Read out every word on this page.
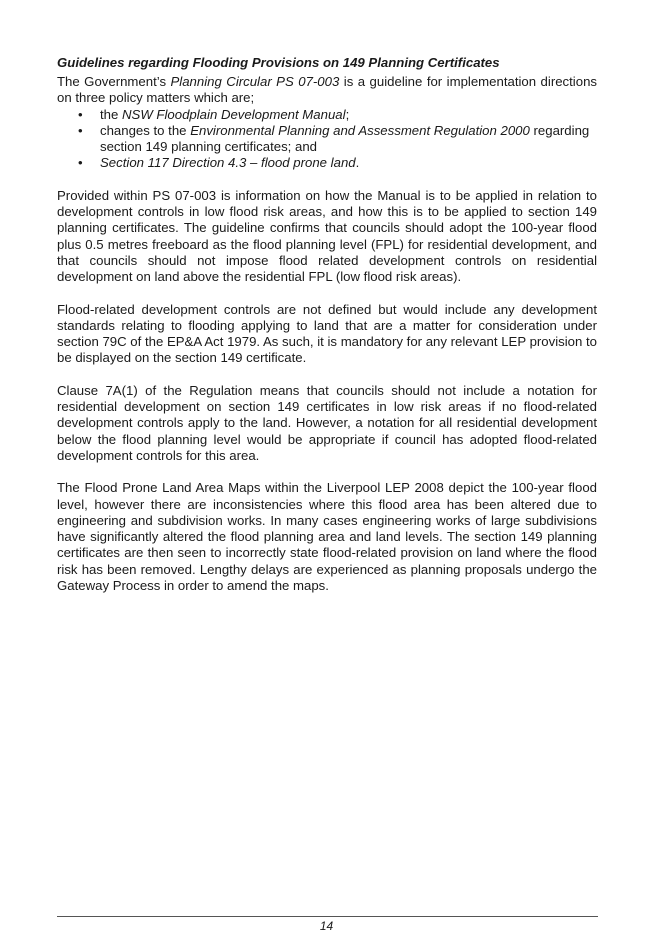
Guidelines regarding Flooding Provisions on 149 Planning Certificates

The Government’s Planning Circular PS 07-003 is a guideline for implementation directions on three policy matters which are;

• the NSW Floodplain Development Manual;
• changes to the Environmental Planning and Assessment Regulation 2000 regarding section 149 planning certificates; and
• Section 117 Direction 4.3 – flood prone land.

Provided within PS 07-003 is information on how the Manual is to be applied in relation to development controls in low flood risk areas, and how this is to be applied to section 149 planning certificates. The guideline confirms that councils should adopt the 100-year flood plus 0.5 metres freeboard as the flood planning level (FPL) for residential development, and that councils should not impose flood related development controls on residential development on land above the residential FPL (low flood risk areas).

Flood-related development controls are not defined but would include any development standards relating to flooding applying to land that are a matter for consideration under section 79C of the EP&A Act 1979. As such, it is mandatory for any relevant LEP provision to be displayed on the section 149 certificate.

Clause 7A(1) of the Regulation means that councils should not include a notation for residential development on section 149 certificates in low risk areas if no flood-related development controls apply to the land. However, a notation for all residential development below the flood planning level would be appropriate if council has adopted flood-related development controls for this area.

The Flood Prone Land Area Maps within the Liverpool LEP 2008 depict the 100-year flood level, however there are inconsistencies where this flood area has been altered due to engineering and subdivision works. In many cases engineering works of large subdivisions have significantly altered the flood planning area and land levels. The section 149 planning certificates are then seen to incorrectly state flood-related provision on land where the flood risk has been removed. Lengthy delays are experienced as planning proposals undergo the Gateway Process in order to amend the maps.

14
